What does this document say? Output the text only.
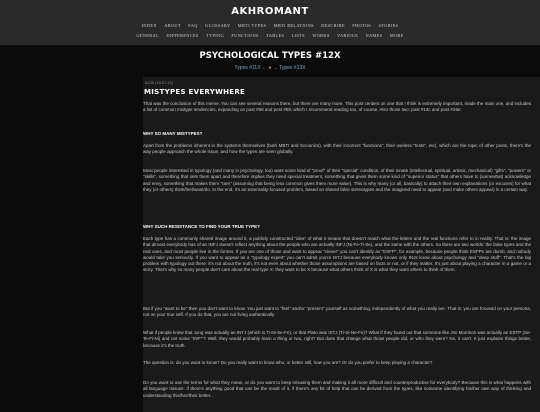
AKHROMANT
INDEX ABOUT FAQ GLOSSARY MBTI TYPES MBTI RELATIONS DESCRIBE PHOTOS STORIES
GENERAL DIFFERENCES TYPING FUNCTIONS TABLES LISTS WORKS VARIOUS NAMES MORE
PSYCHOLOGICAL TYPES #12X
Types #11X ← ● → Types #13X
#128 (18.07.21)
MISTYPES EVERYWHERE
That was the conclusion of this meme. You can see several reasons there, but there are many more. This post centers on one that I think is extremely important, made the main one, and includes a list of common mistype tendencies, expanding on post #58 and post #59, which I recommend reading too, of course. Also those two: post #13c and post #26e.
WHY SO MANY MISTYPES?
Apart from the problems inherent in the systems themselves (both MBTI and Socionics), with their incorrect "functions", their useless "tests", etc), which are the topic of other posts, there's the way people approach the whole issue, and how the types are seen globally.
Most people interested in typology (and many in psychology, too) want some kind of "proof" of their "special" condition, of their innate (intellectual, spiritual, artistic, mechanical) "gifts", "powers" or "skills", something that sets them apart and therefore implies they need special treatment, something that gives them some kind of "superior status" that others have to (somewhat) acknowledge and envy, something that makes them "rare" (assuming that being less common gives them more value). This is why many (or all, basically) to attach their own explanations (or excuses) for what they (or others) think/feel/want/do. In the end, it's an externality-focused problem, based on shared false stereotypes and the imagined need to appear (and make others appear) in a certain way.
WHY SUCH RESISTANCE TO FIND YOUR TRUE TYPE?
Each type has a commonly shared image around it, a publicly constructed "idea" of what it means that doesn't match what the letters and the real functions refer to in reality. That is: the image that almost everybody has of an INFJ doesn't reflect anything about the people who are actually INFJ (Ni-Fe-Ti-Se), and the same with the others. So there are two worlds: the false types and the real ones, and most people live in the former. If you are one of those and want to appear "clever" you can't identify as "ESFP", for example, because people think ESFPs are dumb, and nobody would take you seriously. If you want to appear as a "typology expert" you can't admit you're ISTJ because everybody knows only INJs know about psychology and "deep stuff". That's the big problem with typology out there: it's not about the truth, it's not even about whether those assumptions are based on facts or not, or if they matter. It's just about playing a character in a game or a story. That's why so many people don't care about the real type X: they want to be X because what others think of X is what they want others to think of them.
But if you "want to be" then you don't want to know. You just want to "feel" and/or "present" yourself as something, independently of what you really are. That is: you are focused on your persona, not on your true self. If you do that, you are not living authentically.
What if people knew that Jung was actually an INTJ (which is Ti-Ni-Se-Fe), or that Plato was ISTJ (Ti-Si-Ne-Fe)? What if they found out that someone like Jim Morrison was actually an ESTP (Se-Te-Fi-Ni) and not some "INF*"? Well, they would probably learn a thing or two, right? But does that change what those people did, or who they were? No, it can't. It just explains things better, because it's the truth.
The question is: do you want to know? Do you really want to know who, or better still, how you are? Or do you prefer to keep playing a character?
Do you want to use the terms for what they mean, or do you want to keep misusing them and making it all more difficult and counterproductive for everybody? Because this is what happens with all language misuse: if there's anything good that can be the result of it, if there's any bit of help that can be derived from the types, like someone identifying his/her own way of thinking and understanding this/her/their better...
